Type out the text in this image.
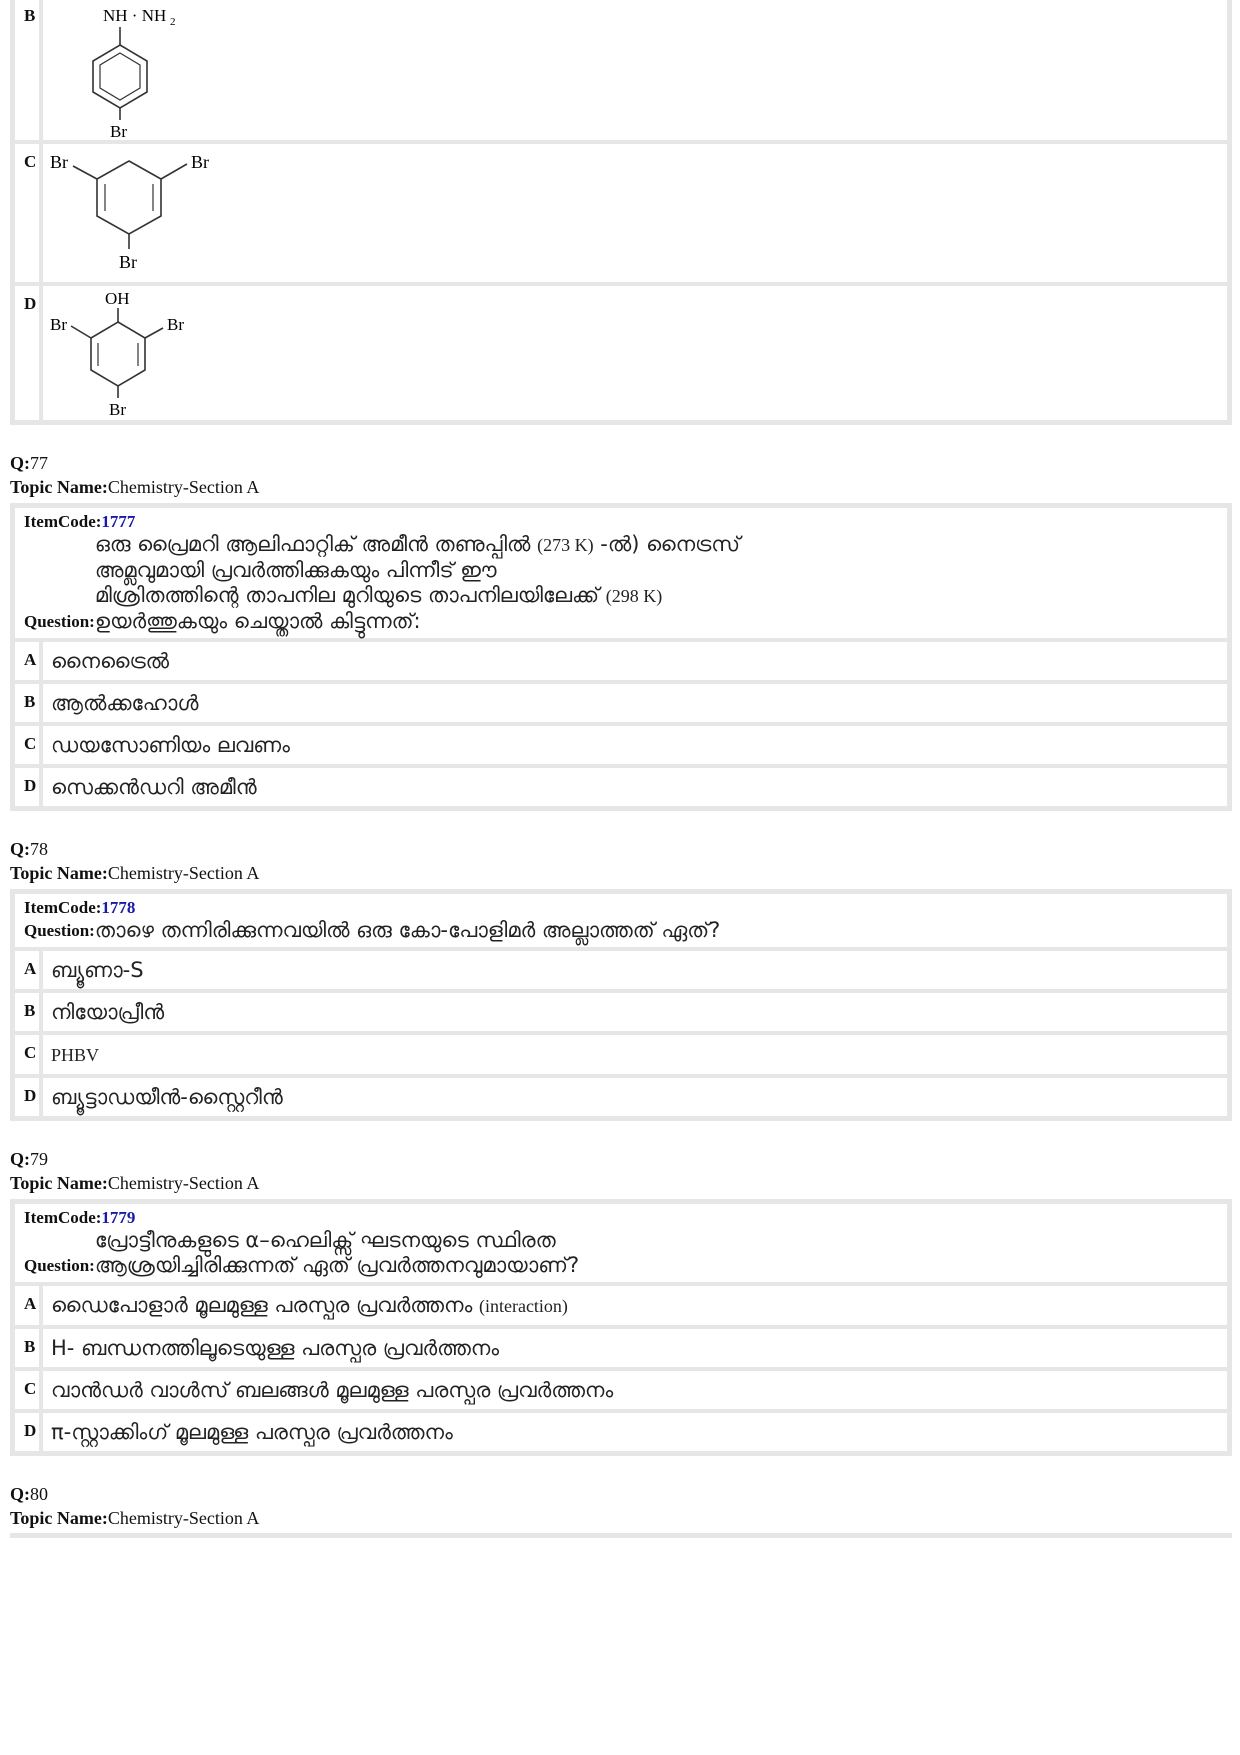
B	NH · NH 2
Br
C Br	Br
Br
D	OH
Br	Br
Br
Q:77
Topic Name:Chemistry-Section A
ItemCode:1777
Question:
ഒരു പ്രൈമറി ആലിഫാറ്റിക് അമീൻ തണുപ്പിൽ (273 K) -ൽ) നൈട്രസ്
അമ്ലവുമായി പ്രവർത്തിക്കുകയും പിന്നീട് ഈ
മിശ്രിതത്തിന്റെ താപനില മുറിയുടെ താപനിലയിലേക്ക് (298 K)
ഉയർത്തുകയും ചെയ്താൽ കിട്ടുന്നത്:
A നൈട്രൈൽ
B ആൽക്കഹോൾ
C ഡയസോണിയം ലവണം
D സെക്കൻഡറി അമീൻ
Q:78
Topic Name:Chemistry-Section A
ItemCode:1778
Question: താഴെ തന്നിരിക്കുന്നവയിൽ ഒരു കോ-പോളിമർ അല്ലാത്തത് ഏത്?
A ബ്യൂണാ-S
B നിയോപ്രീൻ
C PHBV
D ബ്യൂട്ടാഡയീൻ-സ്റ്റൈറീൻ
Q:79
Topic Name:Chemistry-Section A
ItemCode:1779
Question:
പ്രോട്ടീനുകളുടെ α–ഹെലിക്സ് ഘടനയുടെ സ്ഥിരത
ആശ്രയിച്ചിരിക്കുന്നത് ഏത് പ്രവർത്തനവുമായാണ്?
A ഡൈപോളാർ മൂലമുള്ള പരസ്പര പ്രവർത്തനം (interaction)
B H- ബന്ധനത്തിലൂടെയുള്ള പരസ്പര പ്രവർത്തനം
C വാൻഡർ വാൾസ് ബലങ്ങൾ മൂലമുള്ള പരസ്പര പ്രവർത്തനം
D π-സ്റ്റാക്കിംഗ് മൂലമുള്ള പരസ്പര പ്രവർത്തനം
Q:80
Topic Name:Chemistry-Section A
